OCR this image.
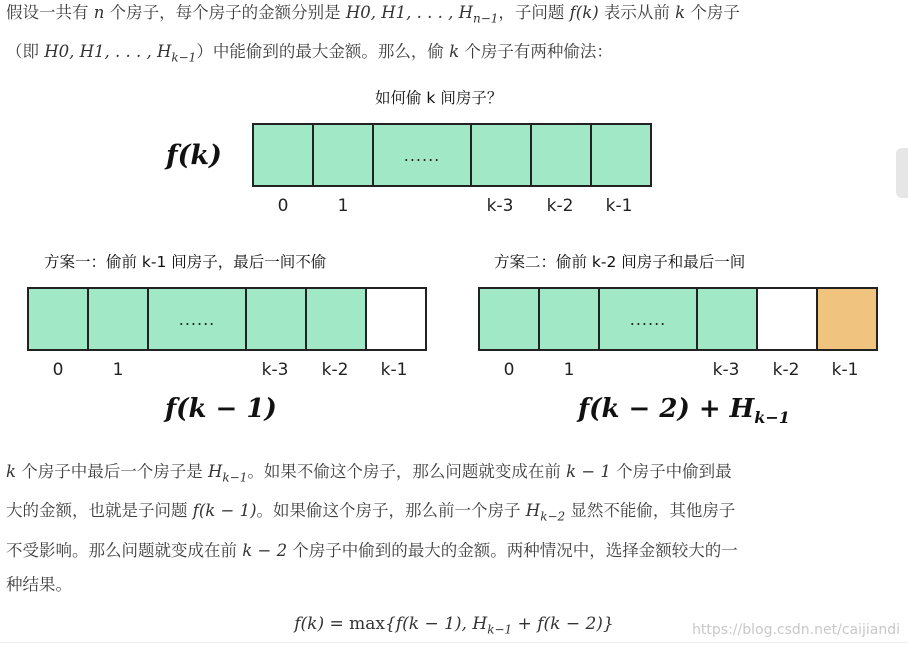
假设一共有 n 个房子，每个房子的金额分别是 H0, H1, . . . , $H_{n-1}$，子问题 f(k) 表示从前 k 个房子
（即 H0, H1, . . . , $H_{k-1}$）中能偷到的最大金额。那么，偷 k 个房子有两种偷法：
如何偷 k 间房子？
f(k)	......
0	1	k-3 k-2 k-1
方案一：偷前 k-1 间房子，最后一间不偷
......
0	1	k-3 k-2 k-1
f(k − 1)
方案二：偷前 k-2 间房子和最后一间
......
0	1	k-3 k-2 k-1
$f(k - 2) + H_{k-1}$
k 个房子中最后一个房子是 $H_{k-1}$。如果不偷这个房子，那么问题就变成在前 k − 1 个房子中偷到最
大的金额，也就是子问题 f(k − 1)。如果偷这个房子，那么前一个房子 $H_{k-2}$ 显然不能偷，其他房子
不受影响。那么问题就变成在前 k − 2 个房子中偷到的最大的金额。两种情况中，选择金额较大的一
种结果。
f(k) = max{f(k − 1), $H_{k-1} + f(k - 2)$}	https://blog.csdn.net/caijiandi
